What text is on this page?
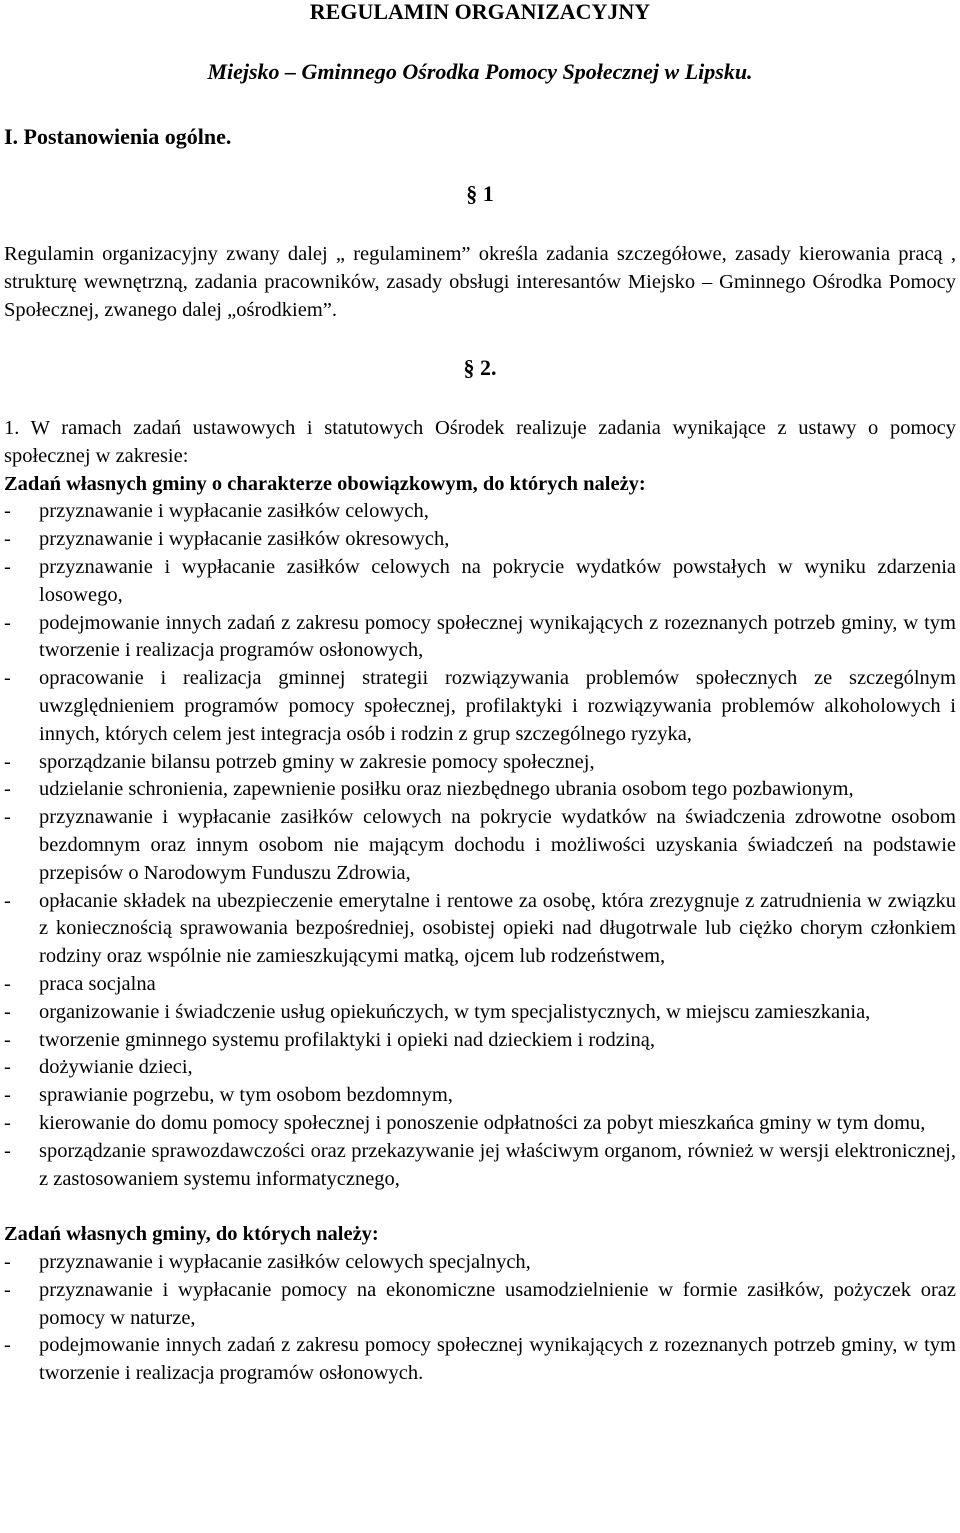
REGULAMIN ORGANIZACYJNY
Miejsko – Gminnego Ośrodka Pomocy Społecznej w Lipsku.
I. Postanowienia ogólne.
§ 1
Regulamin organizacyjny zwany dalej „ regulaminem” określa zadania szczegółowe, zasady kierowania pracą , strukturę wewnętrzną, zadania pracowników, zasady obsługi interesantów Miejsko – Gminnego Ośrodka Pomocy Społecznej, zwanego dalej „ośrodkiem”.
§ 2.
1. W ramach zadań ustawowych i statutowych Ośrodek realizuje zadania wynikające z ustawy o pomocy społecznej w zakresie:
Zadań własnych gminy o charakterze obowiązkowym, do których należy:
- przyznawanie i wypłacanie zasiłków celowych,
- przyznawanie i wypłacanie zasiłków okresowych,
- przyznawanie i wypłacanie zasiłków celowych na pokrycie wydatków powstałych w wyniku zdarzenia losowego,
- podejmowanie innych zadań z zakresu pomocy społecznej wynikających z rozeznanych potrzeb gminy, w tym tworzenie i realizacja programów osłonowych,
- opracowanie i realizacja gminnej strategii rozwiązywania problemów społecznych ze szczególnym uwzględnieniem programów pomocy społecznej, profilaktyki i rozwiązywania problemów alkoholowych i innych, których celem jest integracja osób i rodzin z grup szczególnego ryzyka,
- sporządzanie bilansu potrzeb gminy w zakresie pomocy społecznej,
- udzielanie schronienia, zapewnienie posiłku oraz niezbędnego ubrania osobom tego pozbawionym,
- przyznawanie i wypłacanie zasiłków celowych na pokrycie wydatków na świadczenia zdrowotne osobom bezdomnym oraz innym osobom nie mającym dochodu i możliwości uzyskania świadczeń na podstawie przepisów o Narodowym Funduszu Zdrowia,
- opłacanie składek na ubezpieczenie emerytalne i rentowe za osobę, która zrezygnuje z zatrudnienia w związku z koniecznością sprawowania bezpośredniej, osobistej opieki nad długotrwale lub ciężko chorym członkiem rodziny oraz wspólnie nie zamieszkującymi matką, ojcem lub rodzeństwem,
- praca socjalna
- organizowanie i świadczenie usług opiekuńczych, w tym specjalistycznych, w miejscu zamieszkania,
- tworzenie gminnego systemu profilaktyki i opieki nad dzieckiem i rodziną,
- dożywianie dzieci,
- sprawianie pogrzebu, w tym osobom bezdomnym,
- kierowanie do domu pomocy społecznej i ponoszenie odpłatności za pobyt mieszkańca gminy w tym domu,
- sporządzanie sprawozdawczości oraz przekazywanie jej właściwym organom, również w wersji elektronicznej, z zastosowaniem systemu informatycznego,
Zadań własnych gminy, do których należy:
- przyznawanie i wypłacanie zasiłków celowych specjalnych,
- przyznawanie i wypłacanie pomocy na ekonomiczne usamodzielnienie w formie zasiłków, pożyczek oraz pomocy w naturze,
- podejmowanie innych zadań z zakresu pomocy społecznej wynikających z rozeznanych potrzeb gminy, w tym tworzenie i realizacja programów osłonowych.
